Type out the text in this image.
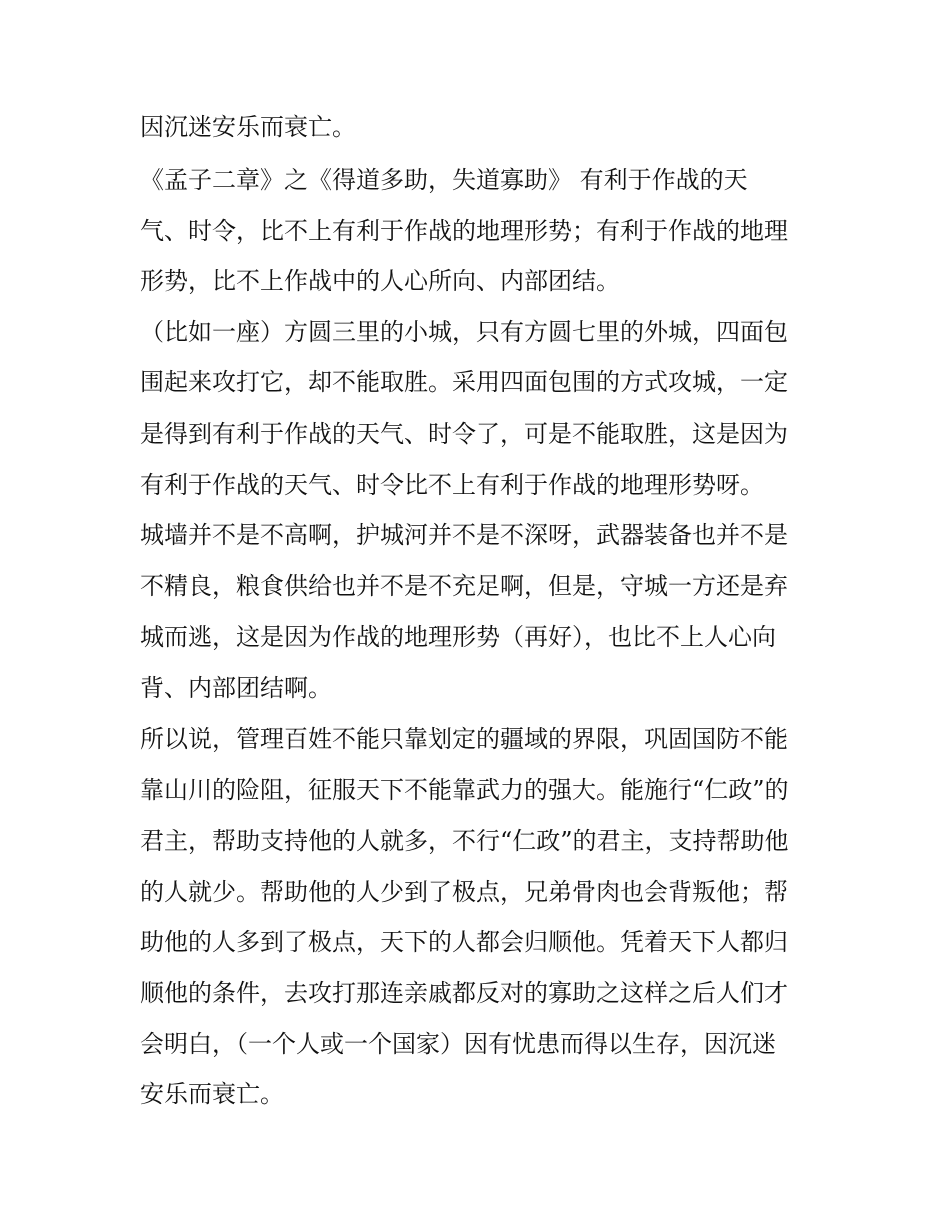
因沉迷安乐而衰亡。
《孟子二章》之《得道多助，失道寡助》 有利于作战的天
气、时令，比不上有利于作战的地理形势；有利于作战的地理
形势，比不上作战中的人心所向、内部团结。
（比如一座）方圆三里的小城，只有方圆七里的外城，四面包
围起来攻打它，却不能取胜。采用四面包围的方式攻城，一定
是得到有利于作战的天气、时令了，可是不能取胜，这是因为
有利于作战的天气、时令比不上有利于作战的地理形势呀。
城墙并不是不高啊，护城河并不是不深呀，武器装备也并不是
不精良，粮食供给也并不是不充足啊，但是，守城一方还是弃
城而逃，这是因为作战的地理形势（再好），也比不上人心向
背、内部团结啊。
所以说，管理百姓不能只靠划定的疆域的界限，巩固国防不能
靠山川的险阻，征服天下不能靠武力的强大。能施行“仁政”的
君主，帮助支持他的人就多，不行“仁政”的君主，支持帮助他
的人就少。帮助他的人少到了极点，兄弟骨肉也会背叛他；帮
助他的人多到了极点，天下的人都会归顺他。凭着天下人都归
顺他的条件，去攻打那连亲戚都反对的寡助之这样之后人们才
会明白，（一个人或一个国家）因有忧患而得以生存，因沉迷
安乐而衰亡。
